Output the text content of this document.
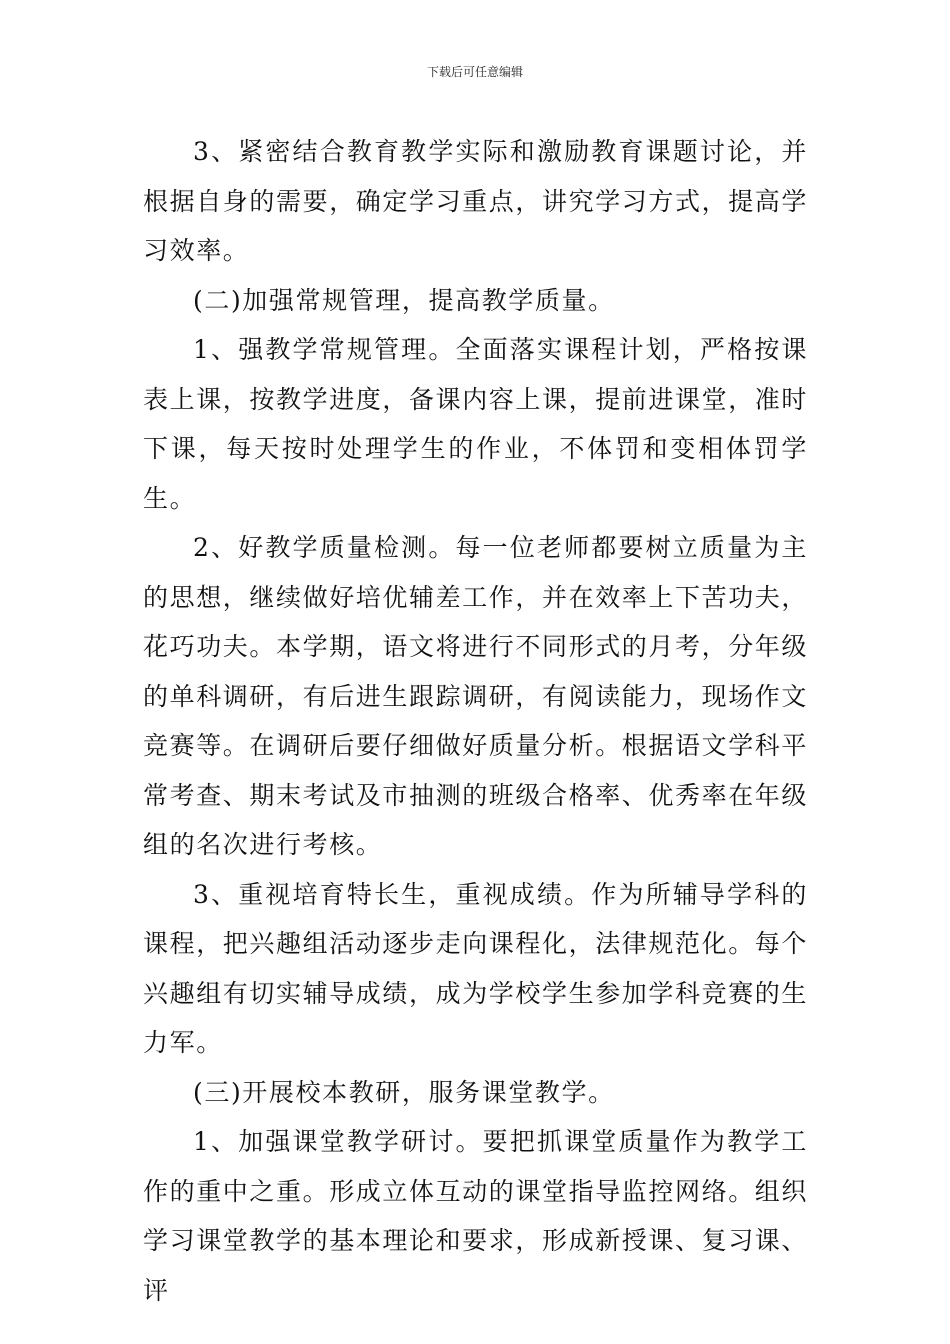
下载后可任意编辑

3、紧密结合教育教学实际和激励教育课题讨论，并根据自身的需要，确定学习重点，讲究学习方式，提高学习效率。

(二)加强常规管理，提高教学质量。

1、强教学常规管理。全面落实课程计划，严格按课表上课，按教学进度，备课内容上课，提前进课堂，准时下课，每天按时处理学生的作业，不体罚和变相体罚学生。

2、好教学质量检测。每一位老师都要树立质量为主的思想，继续做好培优辅差工作，并在效率上下苦功夫，花巧功夫。本学期，语文将进行不同形式的月考，分年级的单科调研，有后进生跟踪调研，有阅读能力，现场作文竞赛等。在调研后要仔细做好质量分析。根据语文学科平常考查、期末考试及市抽测的班级合格率、优秀率在年级组的名次进行考核。

3、重视培育特长生，重视成绩。作为所辅导学科的课程，把兴趣组活动逐步走向课程化，法律规范化。每个兴趣组有切实辅导成绩，成为学校学生参加学科竞赛的生力军。

(三)开展校本教研，服务课堂教学。

1、加强课堂教学研讨。要把抓课堂质量作为教学工作的重中之重。形成立体互动的课堂指导监控网络。组织学习课堂教学的基本理论和要求，形成新授课、复习课、评
